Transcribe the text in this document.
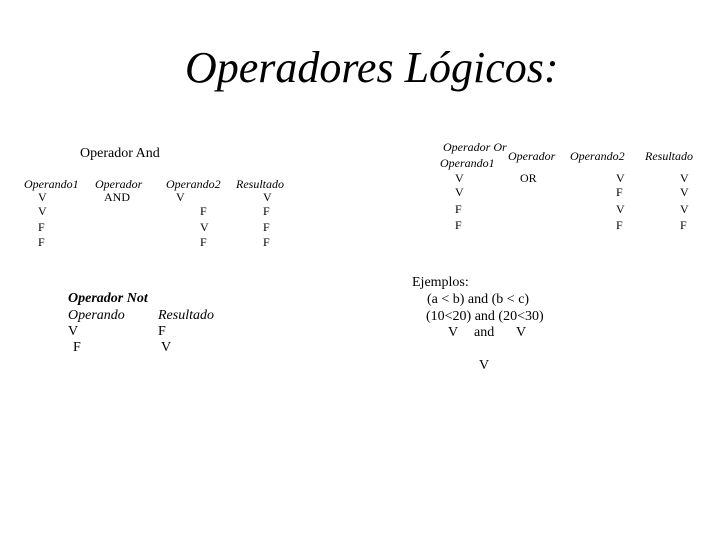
Operadores Lógicos:
Operador And
Operando1 Operador Operando2 Resultado
AND
V
V
F
F
V
F
V
F
V
F
F
F
Operador Or
Operando1 Operador Operando2 Resultado
OR
V
V
F
F
V
F
V
F
V
V
V
F
Operador Not
Operando Resultado
V
F
F
V
Ejemplos:
(a < b) and (b < c)
(10<20) and (20<30)
V and V
V
